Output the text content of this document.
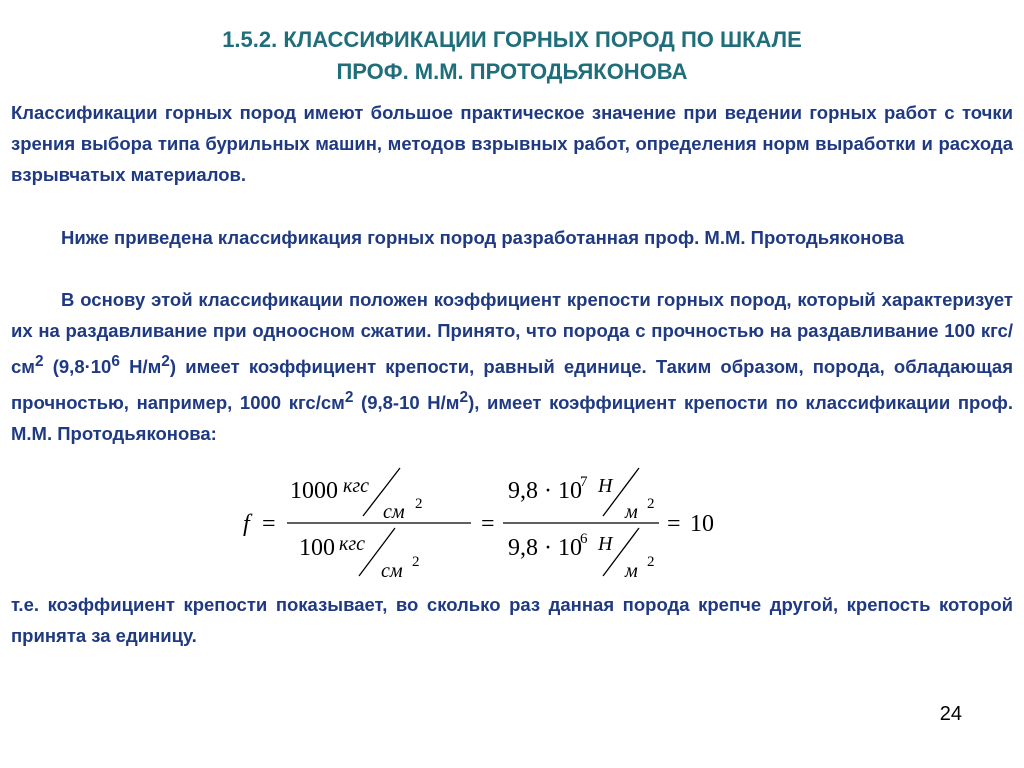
1.5.2. КЛАССИФИКАЦИИ ГОРНЫХ ПОРОД ПО ШКАЛЕ
ПРОФ. М.М. ПРОТОДЬЯКОНОВА

Классификации горных пород имеют большое практическое значение при ведении горных работ с точки зрения выбора типа бурильных машин, методов взрывных работ, определения норм выработки и расхода взрывчатых материалов.

Ниже приведена классификация горных пород разработанная проф. М.М. Протодьяконова

В основу этой классификации положен коэффициент крепости горных пород, который характеризует их на раздавливание при одноосном сжатии. Принято, что порода с прочностью на раздавливание 100 кгс/$см^2$ ($9,8\cdot 10^6$ $Н/м^2$) имеет коэффициент крепости, равный единице. Таким образом, порода, обладающая прочностью, например, 1000 кгс/$см^2$ (9,8-10 $Н/м^2$), имеет коэффициент крепости по классификации проф. М.М. Протодьяконова:

f =
1000 кгс
см 2
100 кгс
см 2
=
9,8 · 10
7 Н
м 2
9,8 · 10
6 Н
м 2
= 10

т.е. коэффициент крепости показывает, во сколько раз данная порода крепче другой, крепость которой принята за единицу.

24
